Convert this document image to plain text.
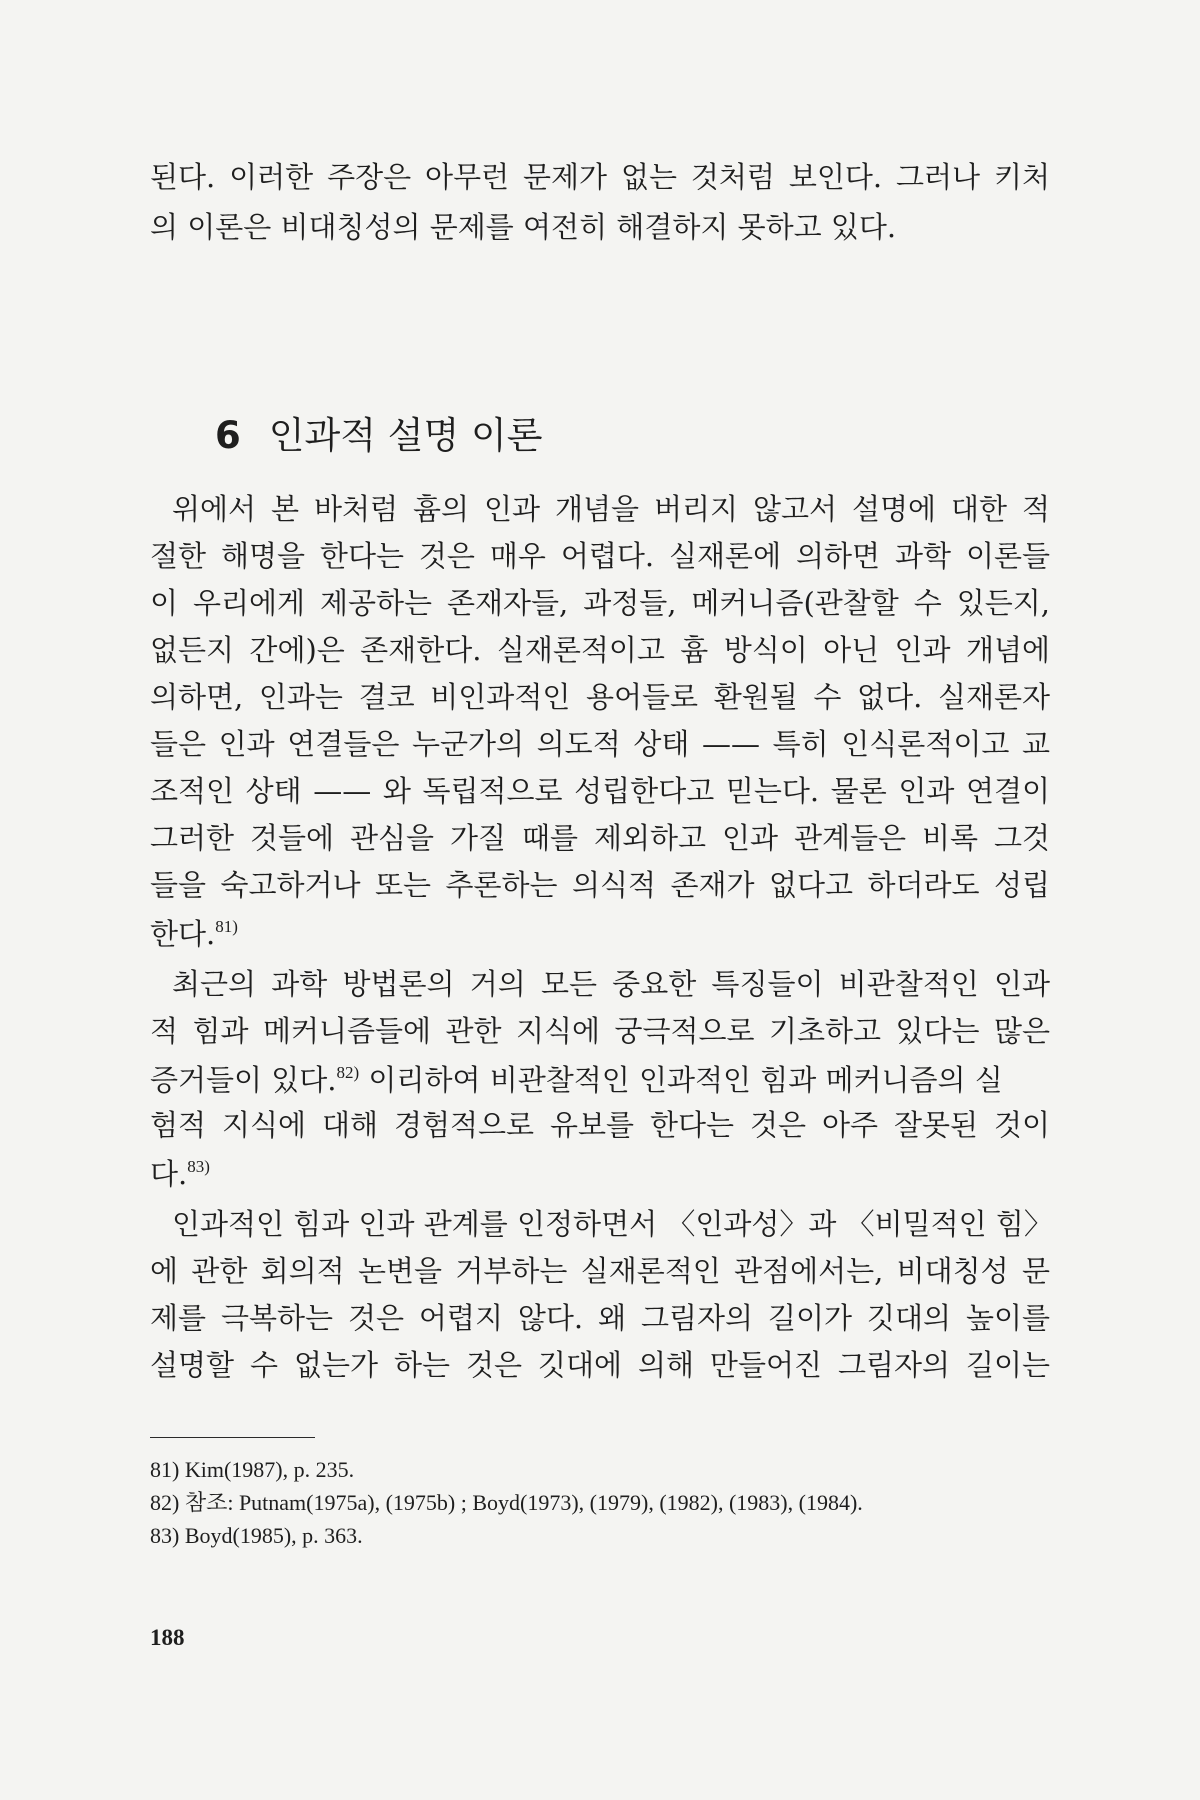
된다. 이러한 주장은 아무런 문제가 없는 것처럼 보인다. 그러나 키처
의 이론은 비대칭성의 문제를 여전히 해결하지 못하고 있다.

6 인과적 설명 이론

위에서 본 바처럼 흄의 인과 개념을 버리지 않고서 설명에 대한 적
절한 해명을 한다는 것은 매우 어렵다. 실재론에 의하면 과학 이론들
이 우리에게 제공하는 존재자들, 과정들, 메커니즘(관찰할 수 있든지,
없든지 간에)은 존재한다. 실재론적이고 흄 방식이 아닌 인과 개념에
의하면, 인과는 결코 비인과적인 용어들로 환원될 수 없다. 실재론자
들은 인과 연결들은 누군가의 의도적 상태 —— 특히 인식론적이고 교
조적인 상태 —— 와 독립적으로 성립한다고 믿는다. 물론 인과 연결이
그러한 것들에 관심을 가질 때를 제외하고 인과 관계들은 비록 그것
들을 숙고하거나 또는 추론하는 의식적 존재가 없다고 하더라도 성립
한다.$^{81)}$
최근의 과학 방법론의 거의 모든 중요한 특징들이 비관찰적인 인과
적 힘과 메커니즘들에 관한 지식에 궁극적으로 기초하고 있다는 많은
증거들이 있다.$^{82)}$ 이리하여 비관찰적인 인과적인 힘과 메커니즘의 실
험적 지식에 대해 경험적으로 유보를 한다는 것은 아주 잘못된 것이
다.$^{83)}$
인과적인 힘과 인과 관계를 인정하면서 〈인과성〉과 〈비밀적인 힘〉
에 관한 회의적 논변을 거부하는 실재론적인 관점에서는, 비대칭성 문
제를 극복하는 것은 어렵지 않다. 왜 그림자의 길이가 깃대의 높이를
설명할 수 없는가 하는 것은 깃대에 의해 만들어진 그림자의 길이는
81) Kim(1987), p. 235.
82) 참조: Putnam(1975a), (1975b) ; Boyd(1973), (1979), (1982), (1983), (1984).
83) Boyd(1985), p. 363.
188
